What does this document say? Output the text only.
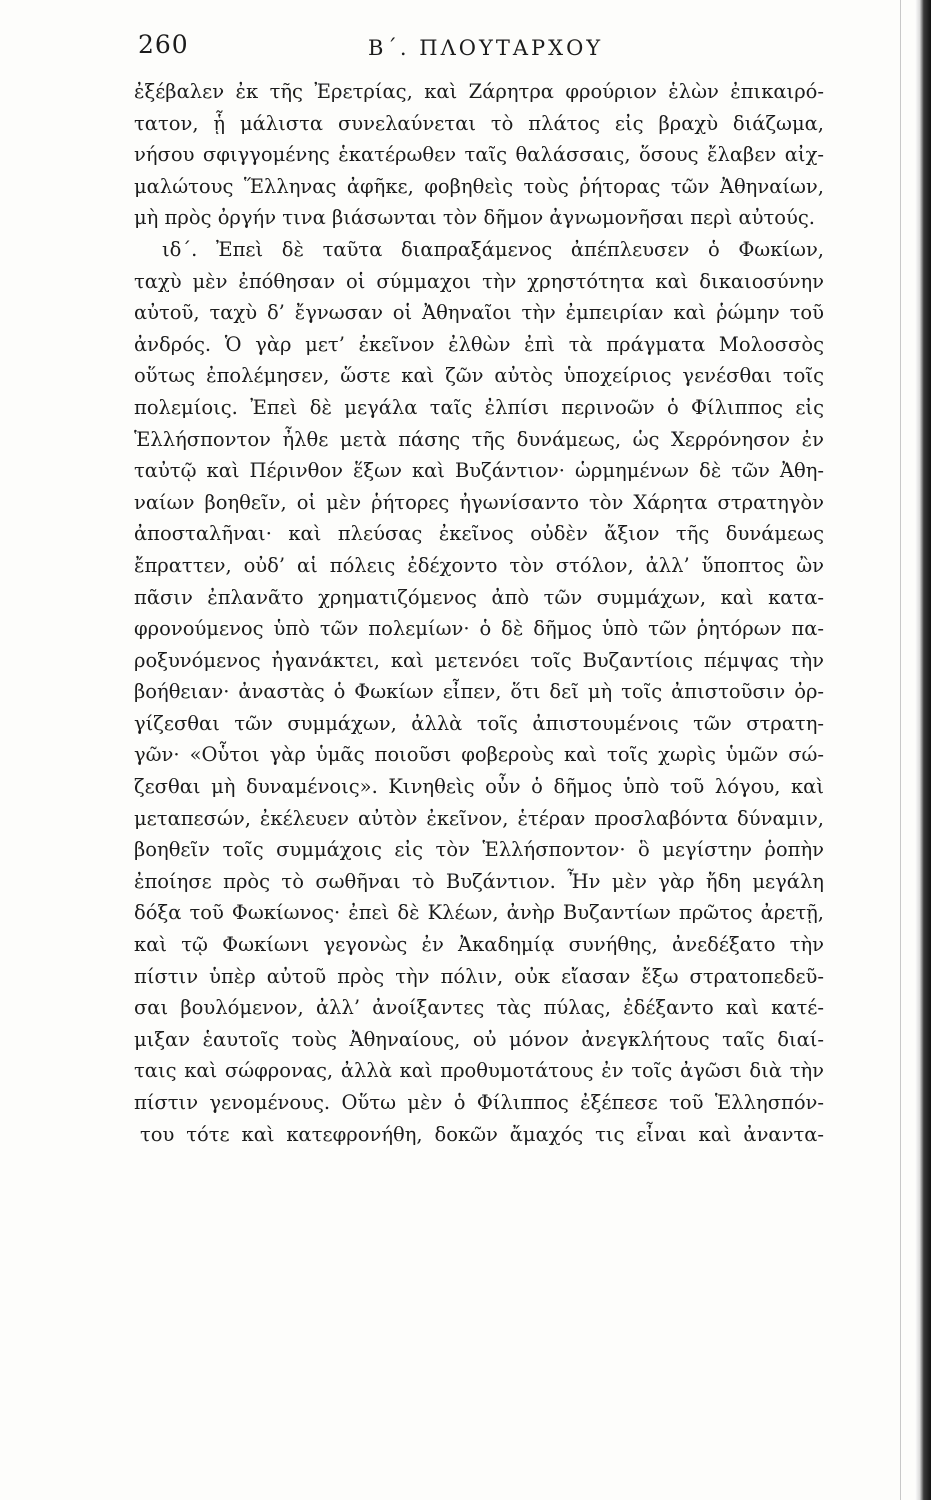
260	Β΄. ΠΛΟΥΤΑΡΧΟΥ
ἐξέβαλεν ἐκ τῆς Ἐρετρίας, καὶ Ζάρητρα φρούριον ἑλὼν ἐπικαιρό-
τατον, ᾗ μάλιστα συνελαύνεται τὸ πλάτος εἰς βραχὺ διάζωμα,
νήσου σφιγγομένης ἑκατέρωθεν ταῖς θαλάσσαις, ὅσους ἔλαβεν αἰχ-
μαλώτους Ἕλληνας ἀφῆκε, φοβηθεὶς τοὺς ῥήτορας τῶν Ἀθηναίων,
μὴ πρὸς ὀργήν τινα βιάσωνται τὸν δῆμον ἀγνωμονῆσαι περὶ αὐτούς.
ιδ΄. Ἐπεὶ δὲ ταῦτα διαπραξάμενος ἀπέπλευσεν ὁ Φωκίων,
ταχὺ μὲν ἐπόθησαν οἱ σύμμαχοι τὴν χρηστότητα καὶ δικαιοσύνην
αὐτοῦ, ταχὺ δ’ ἔγνωσαν οἱ Ἀθηναῖοι τὴν ἐμπειρίαν καὶ ῥώμην τοῦ
ἀνδρός. Ὁ γὰρ μετ’ ἐκεῖνον ἐλθὼν ἐπὶ τὰ πράγματα Μολοσσὸς
οὕτως ἐπολέμησεν, ὥστε καὶ ζῶν αὐτὸς ὑποχείριος γενέσθαι τοῖς
πολεμίοις. Ἐπεὶ δὲ μεγάλα ταῖς ἐλπίσι περινοῶν ὁ Φίλιππος εἰς
Ἑλλήσποντον ἦλθε μετὰ πάσης τῆς δυνάμεως, ὡς Χερρόνησον ἐν
ταὐτῷ καὶ Πέρινθον ἕξων καὶ Βυζάντιον· ὡρμημένων δὲ τῶν Ἀθη-
ναίων βοηθεῖν, οἱ μὲν ῥήτορες ἠγωνίσαντο τὸν Χάρητα στρατηγὸν
ἀποσταλῆναι· καὶ πλεύσας ἐκεῖνος οὐδὲν ἄξιον τῆς δυνάμεως
ἔπραττεν, οὐδ’ αἱ πόλεις ἐδέχοντο τὸν στόλον, ἀλλ’ ὕποπτος ὢν
πᾶσιν ἐπλανᾶτο χρηματιζόμενος ἀπὸ τῶν συμμάχων, καὶ κατα-
φρονούμενος ὑπὸ τῶν πολεμίων· ὁ δὲ δῆμος ὑπὸ τῶν ῥητόρων πα-
ροξυνόμενος ἠγανάκτει, καὶ μετενόει τοῖς Βυζαντίοις πέμψας τὴν
βοήθειαν· ἀναστὰς ὁ Φωκίων εἶπεν, ὅτι δεῖ μὴ τοῖς ἀπιστοῦσιν ὀρ-
γίζεσθαι τῶν συμμάχων, ἀλλὰ τοῖς ἀπιστουμένοις τῶν στρατη-
γῶν· «Οὗτοι γὰρ ὑμᾶς ποιοῦσι φοβεροὺς καὶ τοῖς χωρὶς ὑμῶν σώ-
ζεσθαι μὴ δυναμένοις». Κινηθεὶς οὖν ὁ δῆμος ὑπὸ τοῦ λόγου, καὶ
μεταπεσών, ἐκέλευεν αὐτὸν ἐκεῖνον, ἑτέραν προσλαβόντα δύναμιν,
βοηθεῖν τοῖς συμμάχοις εἰς τὸν Ἑλλήσποντον· ὃ μεγίστην ῥοπὴν
ἐποίησε πρὸς τὸ σωθῆναι τὸ Βυζάντιον. Ἦν μὲν γὰρ ἤδη μεγάλη
δόξα τοῦ Φωκίωνος· ἐπεὶ δὲ Κλέων, ἀνὴρ Βυζαντίων πρῶτος ἀρετῇ,
καὶ τῷ Φωκίωνι γεγονὼς ἐν Ἀκαδημίᾳ συνήθης, ἀνεδέξατο τὴν
πίστιν ὑπὲρ αὐτοῦ πρὸς τὴν πόλιν, οὐκ εἴασαν ἔξω στρατοπεδεῦ-
σαι βουλόμενον, ἀλλ’ ἀνοίξαντες τὰς πύλας, ἐδέξαντο καὶ κατέ-
μιξαν ἑαυτοῖς τοὺς Ἀθηναίους, οὐ μόνον ἀνεγκλήτους ταῖς διαί-
ταις καὶ σώφρονας, ἀλλὰ καὶ προθυμοτάτους ἐν τοῖς ἀγῶσι διὰ τὴν
πίστιν γενομένους. Οὕτω μὲν ὁ Φίλιππος ἐξέπεσε τοῦ Ἑλλησπόν-
του τότε καὶ κατεφρονήθη, δοκῶν ἄμαχός τις εἶναι καὶ ἀναντα-
